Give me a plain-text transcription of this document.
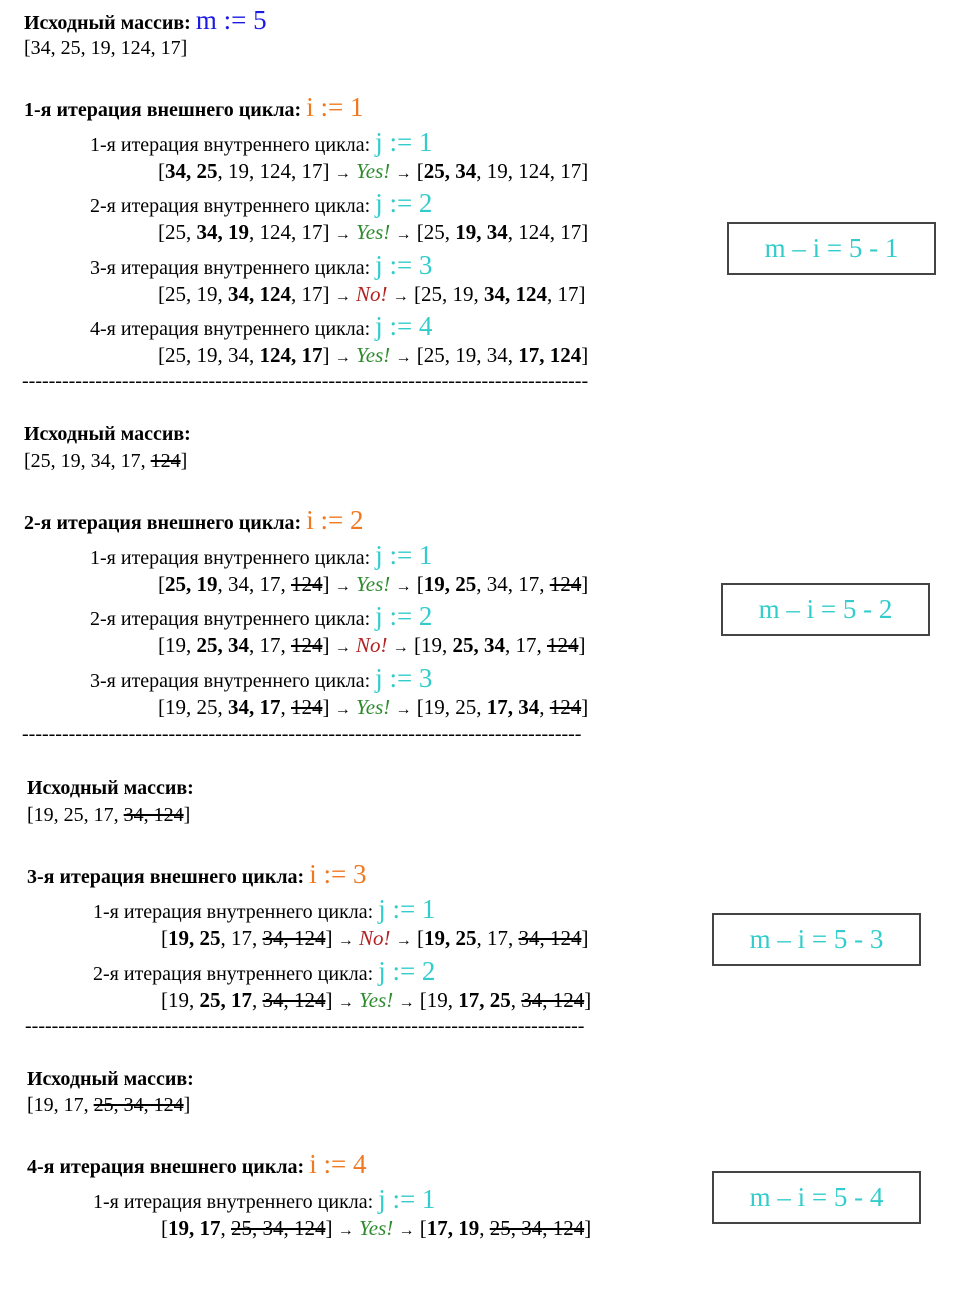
Исходный массив: m := 5
[34, 25, 19, 124, 17]
1-я итерация внешнего цикла: i := 1
1-я итерация внутреннего цикла: j := 1
[34, 25, 19, 124, 17] → Yes! → [25, 34, 19, 124, 17]
2-я итерация внутреннего цикла: j := 2
[25, 34, 19, 124, 17] → Yes! → [25, 19, 34, 124, 17]
3-я итерация внутреннего цикла: j := 3
[25, 19, 34, 124, 17] → No! → [25, 19, 34, 124, 17]
4-я итерация внутреннего цикла: j := 4
[25, 19, 34, 124, 17] → Yes! → [25, 19, 34, 17, 124]
-------------------------------------------------------------------------------------
m – i = 5 - 1
Исходный массив:
[25, 19, 34, 17, 124]
2-я итерация внешнего цикла: i := 2
1-я итерация внутреннего цикла: j := 1
[25, 19, 34, 17, 124] → Yes! → [19, 25, 34, 17, 124]
2-я итерация внутреннего цикла: j := 2
[19, 25, 34, 17, 124] → No! → [19, 25, 34, 17, 124]
3-я итерация внутреннего цикла: j := 3
[19, 25, 34, 17, 124] → Yes! → [19, 25, 17, 34, 124]
------------------------------------------------------------------------------------
m – i = 5 - 2
Исходный массив:
[19, 25, 17, 34, 124]
3-я итерация внешнего цикла: i := 3
1-я итерация внутреннего цикла: j := 1
[19, 25, 17, 34, 124] → No! → [19, 25, 17, 34, 124]
2-я итерация внутреннего цикла: j := 2
[19, 25, 17, 34, 124] → Yes! → [19, 17, 25, 34, 124]
------------------------------------------------------------------------------------
m – i = 5 - 3
Исходный массив:
[19, 17, 25, 34, 124]
4-я итерация внешнего цикла: i := 4
1-я итерация внутреннего цикла: j := 1
[19, 17, 25, 34, 124] → Yes! → [17, 19, 25, 34, 124]
m – i = 5 - 4
